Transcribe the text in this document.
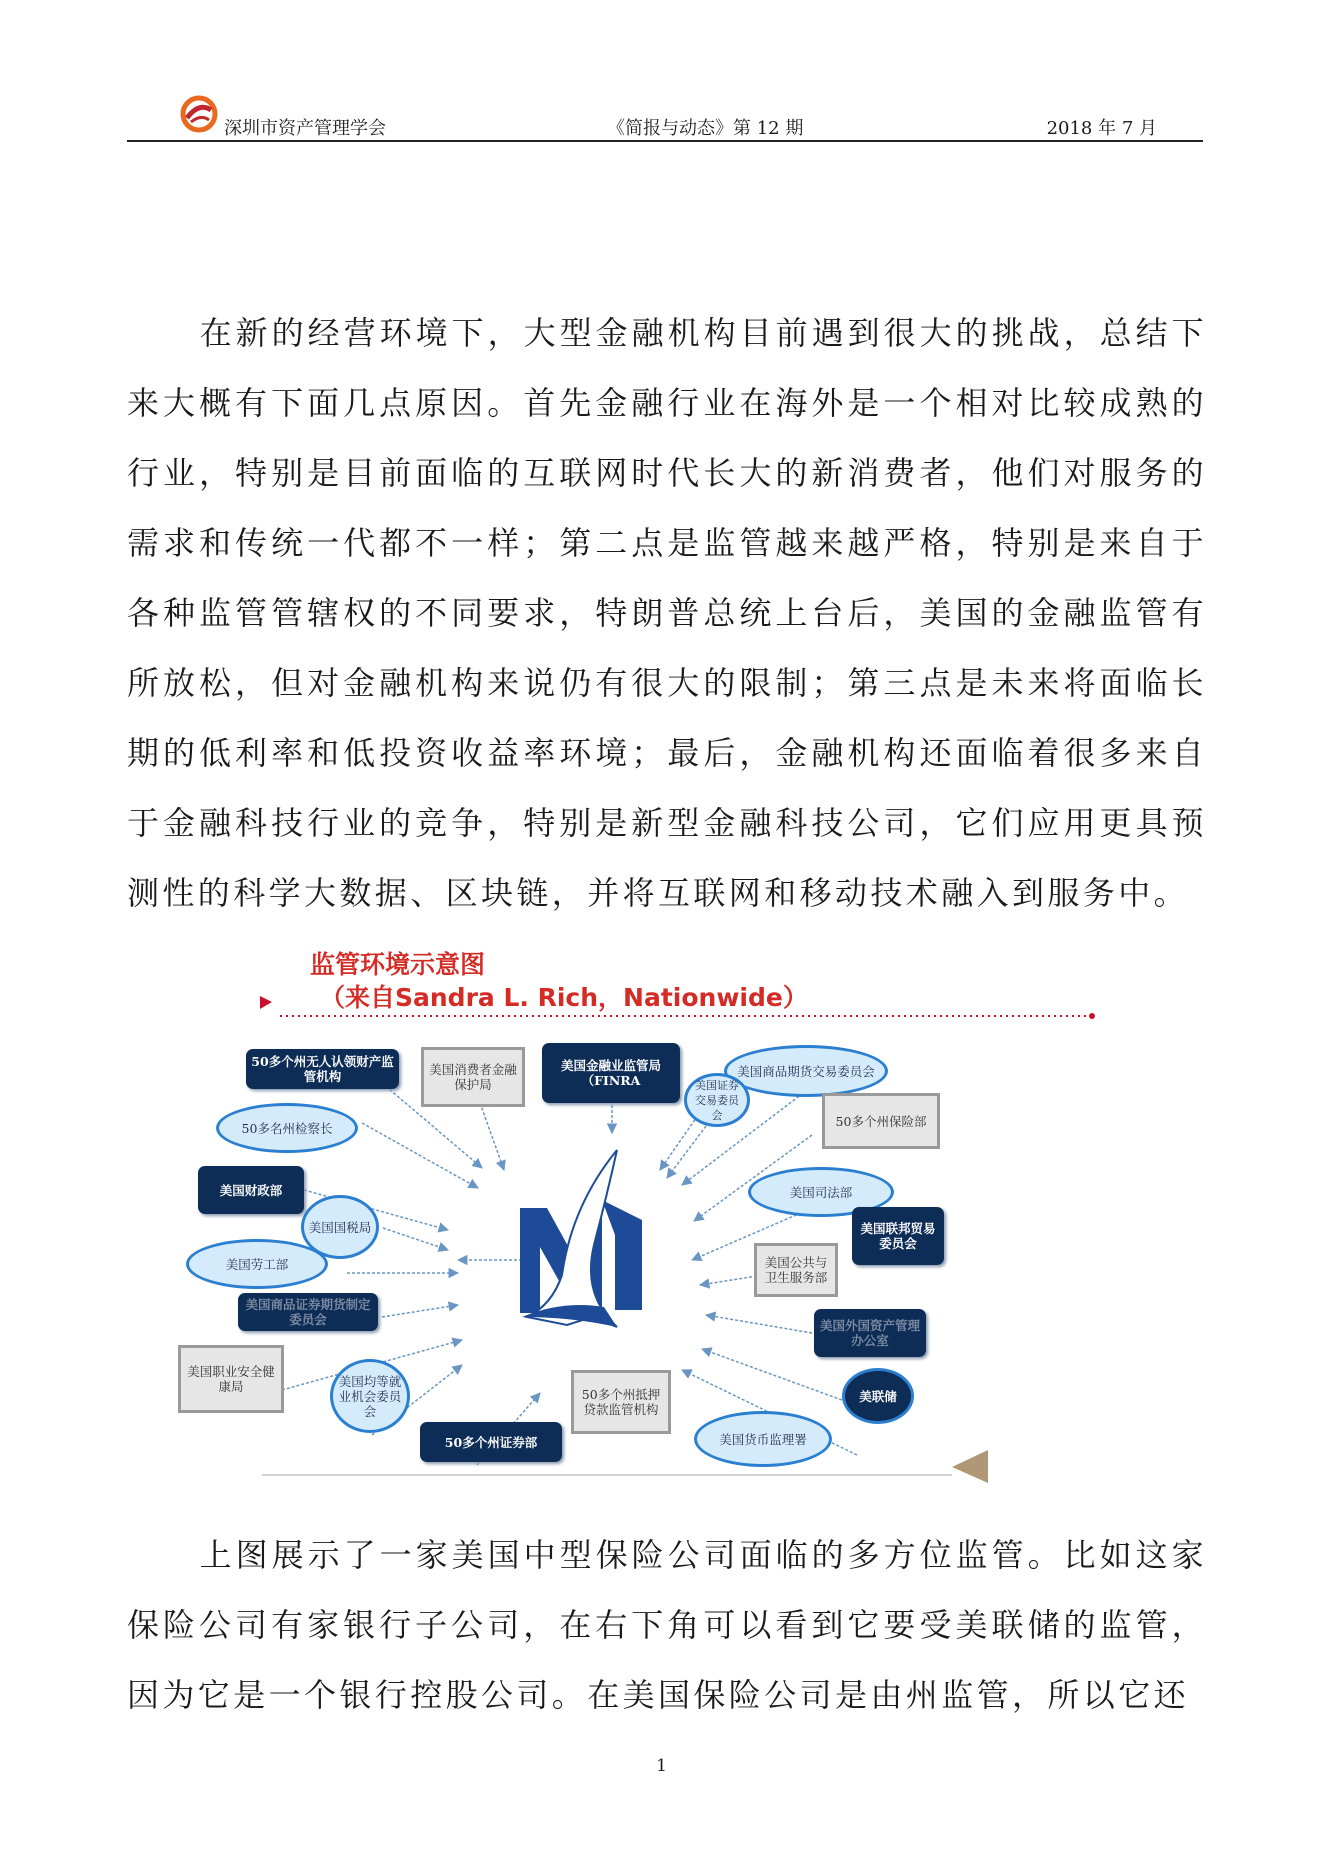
深圳市资产管理学会	《简报与动态》第 12 期	2018 年 7 月

在新的经营环境下，大型金融机构目前遇到很大的挑战，总结下来大概有下面几点原因。首先金融行业在海外是一个相对比较成熟的行业，特别是目前面临的互联网时代长大的新消费者，他们对服务的需求和传统一代都不一样；第二点是监管越来越严格，特别是来自于各种监管管辖权的不同要求，特朗普总统上台后，美国的金融监管有所放松，但对金融机构来说仍有很大的限制；第三点是未来将面临长期的低利率和低投资收益率环境；最后，金融机构还面临着很多来自于金融科技行业的竞争，特别是新型金融科技公司，它们应用更具预测性的科学大数据、区块链，并将互联网和移动技术融入到服务中。

监管环境示意图
（来自Sandra L. Rich，Nationwide）
50多个州无人认领财产监管机构	美国消费者金融保护局
美国金融业监管局（FINRA
美国商品期货交易委员会
美国证券交易委员会	50多个州保险部
50多名州检察长
美国司法部
美国财政部
美国国税局	美国联邦贸易委员会
美国劳工部	美国公共与卫生服务部
美国商品证券期货制定委员会	美国外国资产管理办公室
美国职业安全健康局	美国均等就业机会委员会
50多个州抵押贷款监管机构
美联储
50多个州证券部	美国货币监理署

上图展示了一家美国中型保险公司面临的多方位监管。比如这家保险公司有家银行子公司，在右下角可以看到它要受美联储的监管，因为它是一个银行控股公司。在美国保险公司是由州监管，所以它还

1
